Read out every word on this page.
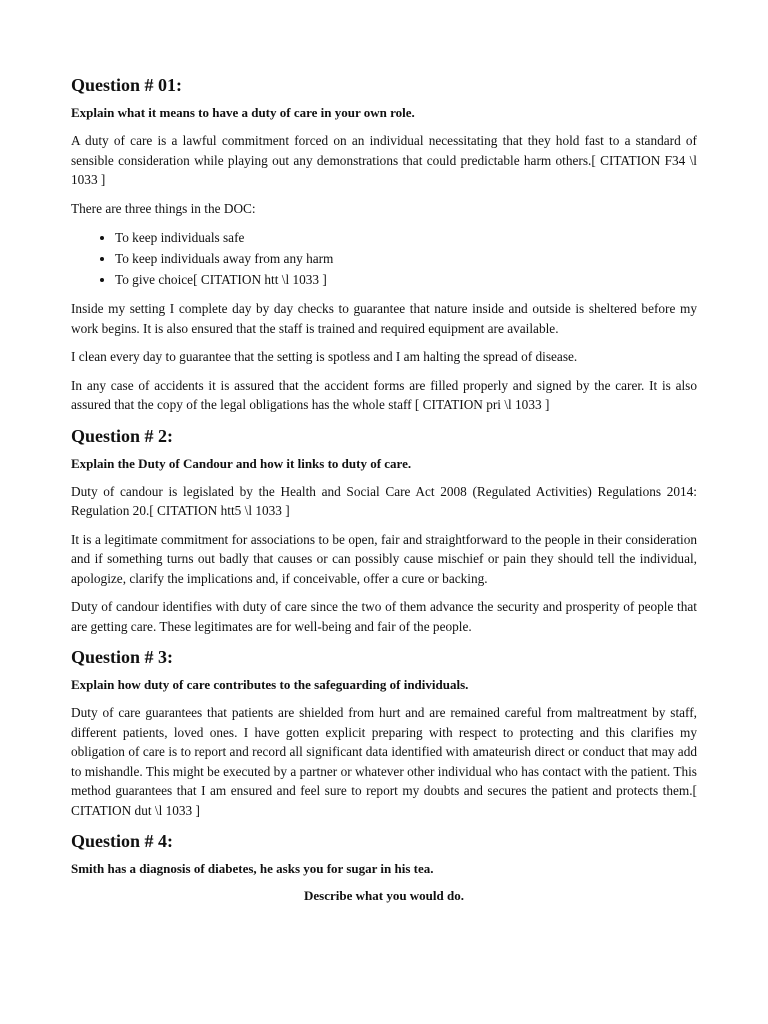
Question # 01:
Explain what it means to have a duty of care in your own role.

A duty of care is a lawful commitment forced on an individual necessitating that they hold fast to a standard of sensible consideration while playing out any demonstrations that could predictable harm others.[ CITATION F34 \l 1033 ]

There are three things in the DOC:

• To keep individuals safe
• To keep individuals away from any harm
• To give choice[ CITATION htt \l 1033 ]

Inside my setting I complete day by day checks to guarantee that nature inside and outside is sheltered before my work begins. It is also ensured that the staff is trained and required equipment are available.

I clean every day to guarantee that the setting is spotless and I am halting the spread of disease.

In any case of accidents it is assured that the accident forms are filled properly and signed by the carer. It is also assured that the copy of the legal obligations has the whole staff [ CITATION pri \l 1033 ]

Question # 2:
Explain the Duty of Candour and how it links to duty of care.

Duty of candour is legislated by the Health and Social Care Act 2008 (Regulated Activities) Regulations 2014: Regulation 20.[ CITATION htt5 \l 1033 ]

It is a legitimate commitment for associations to be open, fair and straightforward to the people in their consideration and if something turns out badly that causes or can possibly cause mischief or pain they should tell the individual, apologize, clarify the implications and, if conceivable, offer a cure or backing.

Duty of candour identifies with duty of care since the two of them advance the security and prosperity of people that are getting care. These legitimates are for well-being and fair of the people.

Question # 3:
Explain how duty of care contributes to the safeguarding of individuals.

Duty of care guarantees that patients are shielded from hurt and are remained careful from maltreatment by staff, different patients, loved ones. I have gotten explicit preparing with respect to protecting and this clarifies my obligation of care is to report and record all significant data identified with amateurish direct or conduct that may add to mishandle. This might be executed by a partner or whatever other individual who has contact with the patient. This method guarantees that I am ensured and feel sure to report my doubts and secures the patient and protects them.[ CITATION dut \l 1033 ]

Question # 4:
Smith has a diagnosis of diabetes, he asks you for sugar in his tea.
Describe what you would do.
